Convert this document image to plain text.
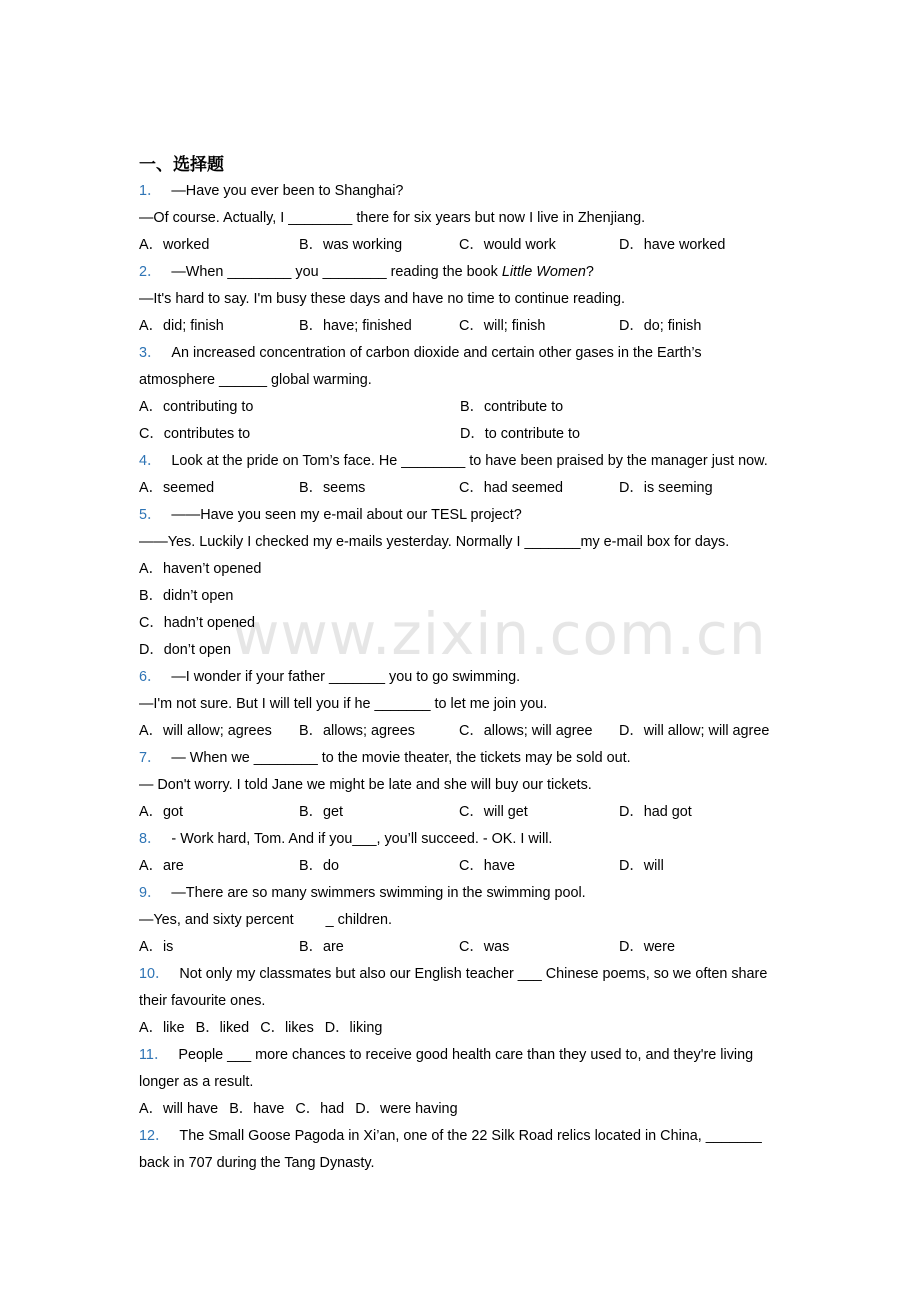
www.zixin.com.cn
一、选择题
1． —Have you ever been to Shanghai?
—Of course. Actually, I ________ there for six years but now I live in Zhenjiang.
A．worked	B．was working	C．would work	D．have worked
2． —When ________ you ________ reading the book Little Women?
—It's hard to say. I'm busy these days and have no time to continue reading.
A．did; finish	B．have; finished	C．will; finish	D．do; finish
3． An increased concentration of carbon dioxide and certain other gases in the Earth’s
atmosphere ______ global warming.
A．contributing to	B．contribute to
C．contributes to	D．to contribute to
4． Look at the pride on Tom’s face. He ________ to have been praised by the manager just now.
A．seemed	B．seems	C．had seemed	D．is seeming
5． ——Have you seen my e-mail about our TESL project?
——Yes. Luckily I checked my e-mails yesterday. Normally I _______my e-mail box for days.
A．haven’t opened
B．didn’t open
C．hadn’t opened
D．don’t open
6． —I wonder if your father _______ you to go swimming.
—I'm not sure. But I will tell you if he _______ to let me join you.
A．will allow; agrees	B．allows; agrees	C．allows; will agree	D．will allow; will agree
7． — When we ________ to the movie theater, the tickets may be sold out.
— Don't worry. I told Jane we might be late and she will buy our tickets.
A．got	B．get	C．will get	D．had got
8． - Work hard, Tom. And if you___, you’ll succeed. - OK. I will.
A．are	B．do	C．have	D．will
9． —There are so many swimmers swimming in the swimming pool.
—Yes, and sixty percent        _ children.
A．is	B．are	C．was	D．were
10． Not only my classmates but also our English teacher ___ Chinese poems, so we often share
their favourite ones.
A．like B．liked C．likes D．liking
11． People ___ more chances to receive good health care than they used to, and they're living
longer as a result.
A．will have B．have C．had D．were having
12． The Small Goose Pagoda in Xi’an, one of the 22 Silk Road relics located in China, _______
back in 707 during the Tang Dynasty.
